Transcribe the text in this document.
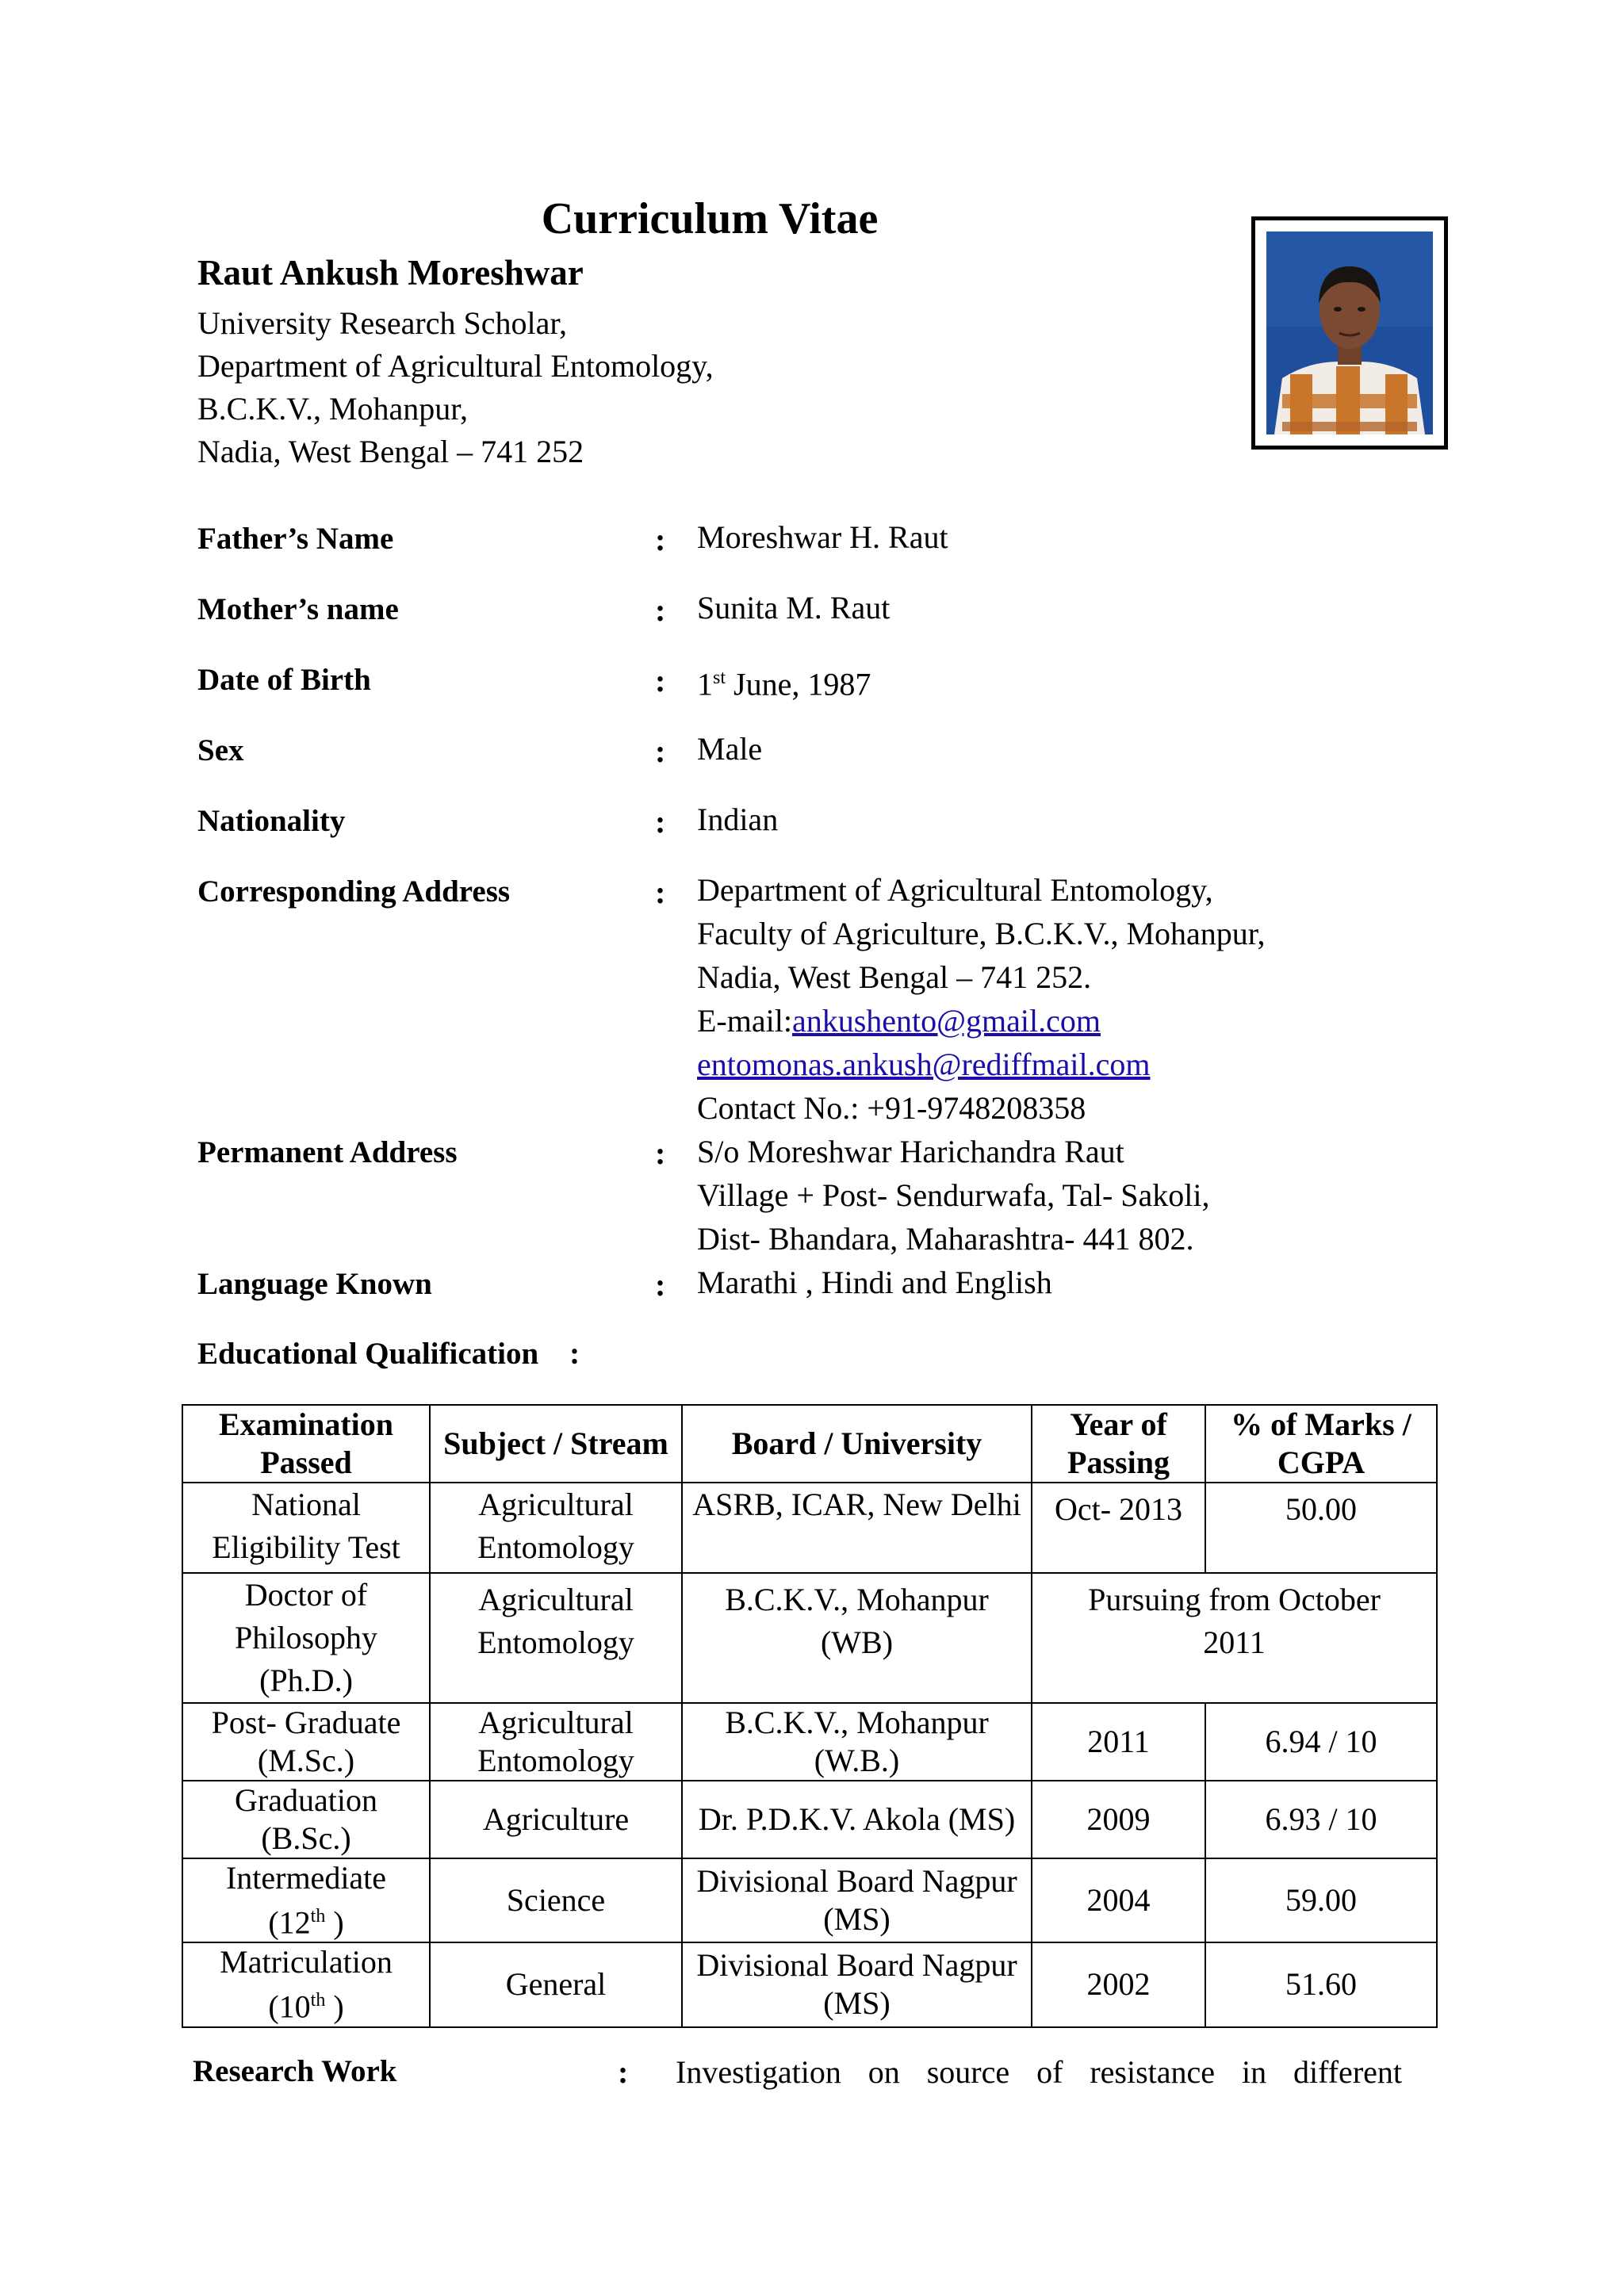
Curriculum Vitae
Raut Ankush Moreshwar
University Research Scholar,
Department of Agricultural Entomology,
B.C.K.V., Mohanpur,
Nadia, West Bengal – 741 252
Father’s Name	: Moreshwar H. Raut
Mother’s name	: Sunita M. Raut
Date of Birth	: 1st June, 1987
Sex	: Male
Nationality	: Indian
Corresponding Address	: Department of Agricultural Entomology,
Faculty of Agriculture, B.C.K.V., Mohanpur,
Nadia, West Bengal – 741 252.
E-mail:ankushento@gmail.com
entomonas.ankush@rediffmail.com
Contact No.: +91-9748208358
Permanent Address	: S/o Moreshwar Harichandra Raut
Village + Post- Sendurwafa, Tal- Sakoli,
Dist- Bhandara, Maharashtra- 441 802.
Language Known	: Marathi , Hindi and English
Educational Qualification    :
Examination Passed	Subject / Stream	Board / University	Year of Passing	% of Marks / CGPA
National Eligibility Test	Agricultural Entomology	ASRB, ICAR, New Delhi	Oct- 2013	50.00
Doctor of Philosophy (Ph.D.)	Agricultural Entomology	B.C.K.V., Mohanpur (WB)	Pursuing from October 2011	
Post- Graduate (M.Sc.)	Agricultural Entomology	B.C.K.V., Mohanpur (W.B.)	2011	6.94 / 10
Graduation (B.Sc.)	Agriculture	Dr. P.D.K.V. Akola (MS)	2009	6.93 / 10

Intermediate
(12th )	Science	Divisional Board Nagpur (MS)	2004	59.00

Matriculation
(10th )	General	Divisional Board Nagpur (MS)	2002	51.60
Research Work	: Investigation on source of resistance in different
